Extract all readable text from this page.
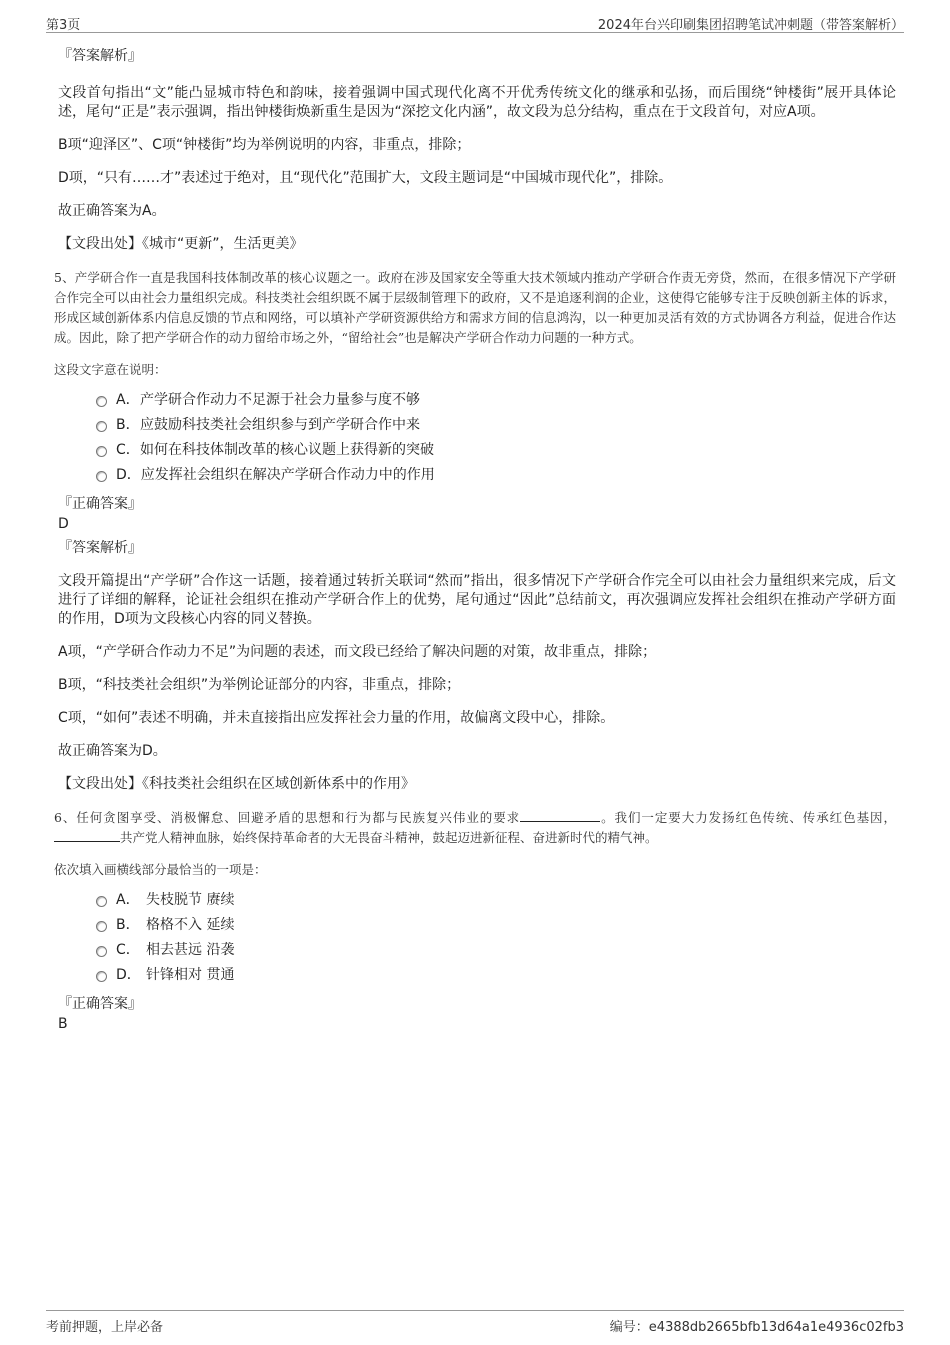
第3页	2024年台兴印刷集团招聘笔试冲刺题（带答案解析）
『答案解析』
文段首句指出“文”能凸显城市特色和韵味，接着强调中国式现代化离不开优秀传统文化的继承和弘扬，而后围绕“钟楼街”展开具体论述，尾句“正是”表示强调，指出钟楼街焕新重生是因为“深挖文化内涵”，故文段为总分结构，重点在于文段首句，对应A项。
B项“迎泽区”、C项“钟楼街”均为举例说明的内容，非重点，排除；
D项，“只有……才”表述过于绝对，且“现代化”范围扩大，文段主题词是“中国城市现代化”，排除。
故正确答案为A。
【文段出处】《城市“更新”，生活更美》
5、产学研合作一直是我国科技体制改革的核心议题之一。政府在涉及国家安全等重大技术领域内推动产学研合作责无旁贷，然而，在很多情况下产学研合作完全可以由社会力量组织完成。科技类社会组织既不属于层级制管理下的政府，又不是追逐利润的企业，这使得它能够专注于反映创新主体的诉求，形成区域创新体系内信息反馈的节点和网络，可以填补产学研资源供给方和需求方间的信息鸿沟，以一种更加灵活有效的方式协调各方利益，促进合作达成。因此，除了把产学研合作的动力留给市场之外，“留给社会”也是解决产学研合作动力问题的一种方式。
这段文字意在说明：
A．产学研合作动力不足源于社会力量参与度不够
B．应鼓励科技类社会组织参与到产学研合作中来
C．如何在科技体制改革的核心议题上获得新的突破
D．应发挥社会组织在解决产学研合作动力中的作用
『正确答案』
D
『答案解析』
文段开篇提出“产学研”合作这一话题，接着通过转折关联词“然而”指出，很多情况下产学研合作完全可以由社会力量组织来完成，后文进行了详细的解释，论证社会组织在推动产学研合作上的优势，尾句通过“因此”总结前文，再次强调应发挥社会组织在推动产学研方面的作用，D项为文段核心内容的同义替换。
A项，“产学研合作动力不足”为问题的表述，而文段已经给了解决问题的对策，故非重点，排除；
B项，“科技类社会组织”为举例论证部分的内容，非重点，排除；
C项，“如何”表述不明确，并未直接指出应发挥社会力量的作用，故偏离文段中心，排除。
故正确答案为D。
【文段出处】《科技类社会组织在区域创新体系中的作用》
6、任何贪图享受、消极懈怠、回避矛盾的思想和行为都与民族复兴伟业的要求	。我们一定要大力发扬红色传统、传承红色基因，共产党人精神血脉，始终保持革命者的大无畏奋斗精神，鼓起迈进新征程、奋进新时代的精气神。
依次填入画横线部分最恰当的一项是：
A． 失枝脱节 赓续
B． 格格不入 延续
C． 相去甚远 沿袭
D． 针锋相对 贯通
『正确答案』
B
考前押题，上岸必备	编号：e4388db2665bfb13d64a1e4936c02fb3
